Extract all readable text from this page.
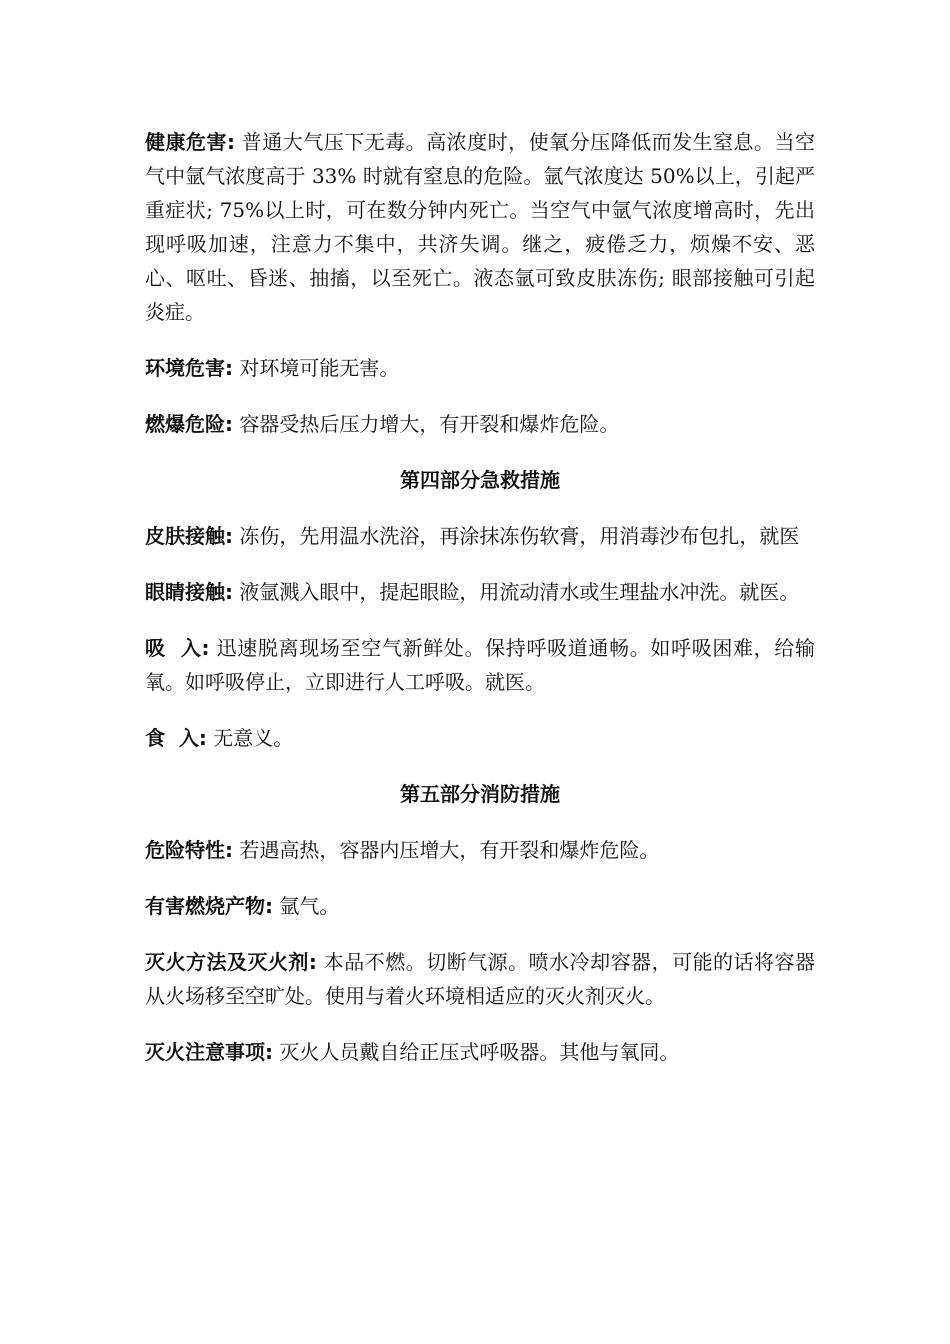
健康危害: 普通大气压下无毒。高浓度时，使氧分压降低而发生窒息。当空气中氩气浓度高于 33% 时就有窒息的危险。氩气浓度达 50%以上，引起严重症状; 75%以上时，可在数分钟内死亡。当空气中氩气浓度增高时，先出现呼吸加速，注意力不集中，共济失调。继之，疲倦乏力，烦燥不安、恶心、呕吐、昏迷、抽搐，以至死亡。液态氩可致皮肤冻伤; 眼部接触可引起炎症。

环境危害: 对环境可能无害。

燃爆危险: 容器受热后压力增大，有开裂和爆炸危险。

第四部分急救措施

皮肤接触: 冻伤，先用温水洗浴，再涂抹冻伤软膏，用消毒沙布包扎，就医

眼睛接触: 液氩溅入眼中，提起眼睑，用流动清水或生理盐水冲洗。就医。

吸  入: 迅速脱离现场至空气新鲜处。保持呼吸道通畅。如呼吸困难，给输氧。如呼吸停止，立即进行人工呼吸。就医。

食  入: 无意义。

第五部分消防措施

危险特性: 若遇高热，容器内压增大，有开裂和爆炸危险。

有害燃烧产物: 氩气。

灭火方法及灭火剂: 本品不燃。切断气源。喷水冷却容器，可能的话将容器从火场移至空旷处。使用与着火环境相适应的灭火剂灭火。

灭火注意事项: 灭火人员戴自给正压式呼吸器。其他与氧同。
